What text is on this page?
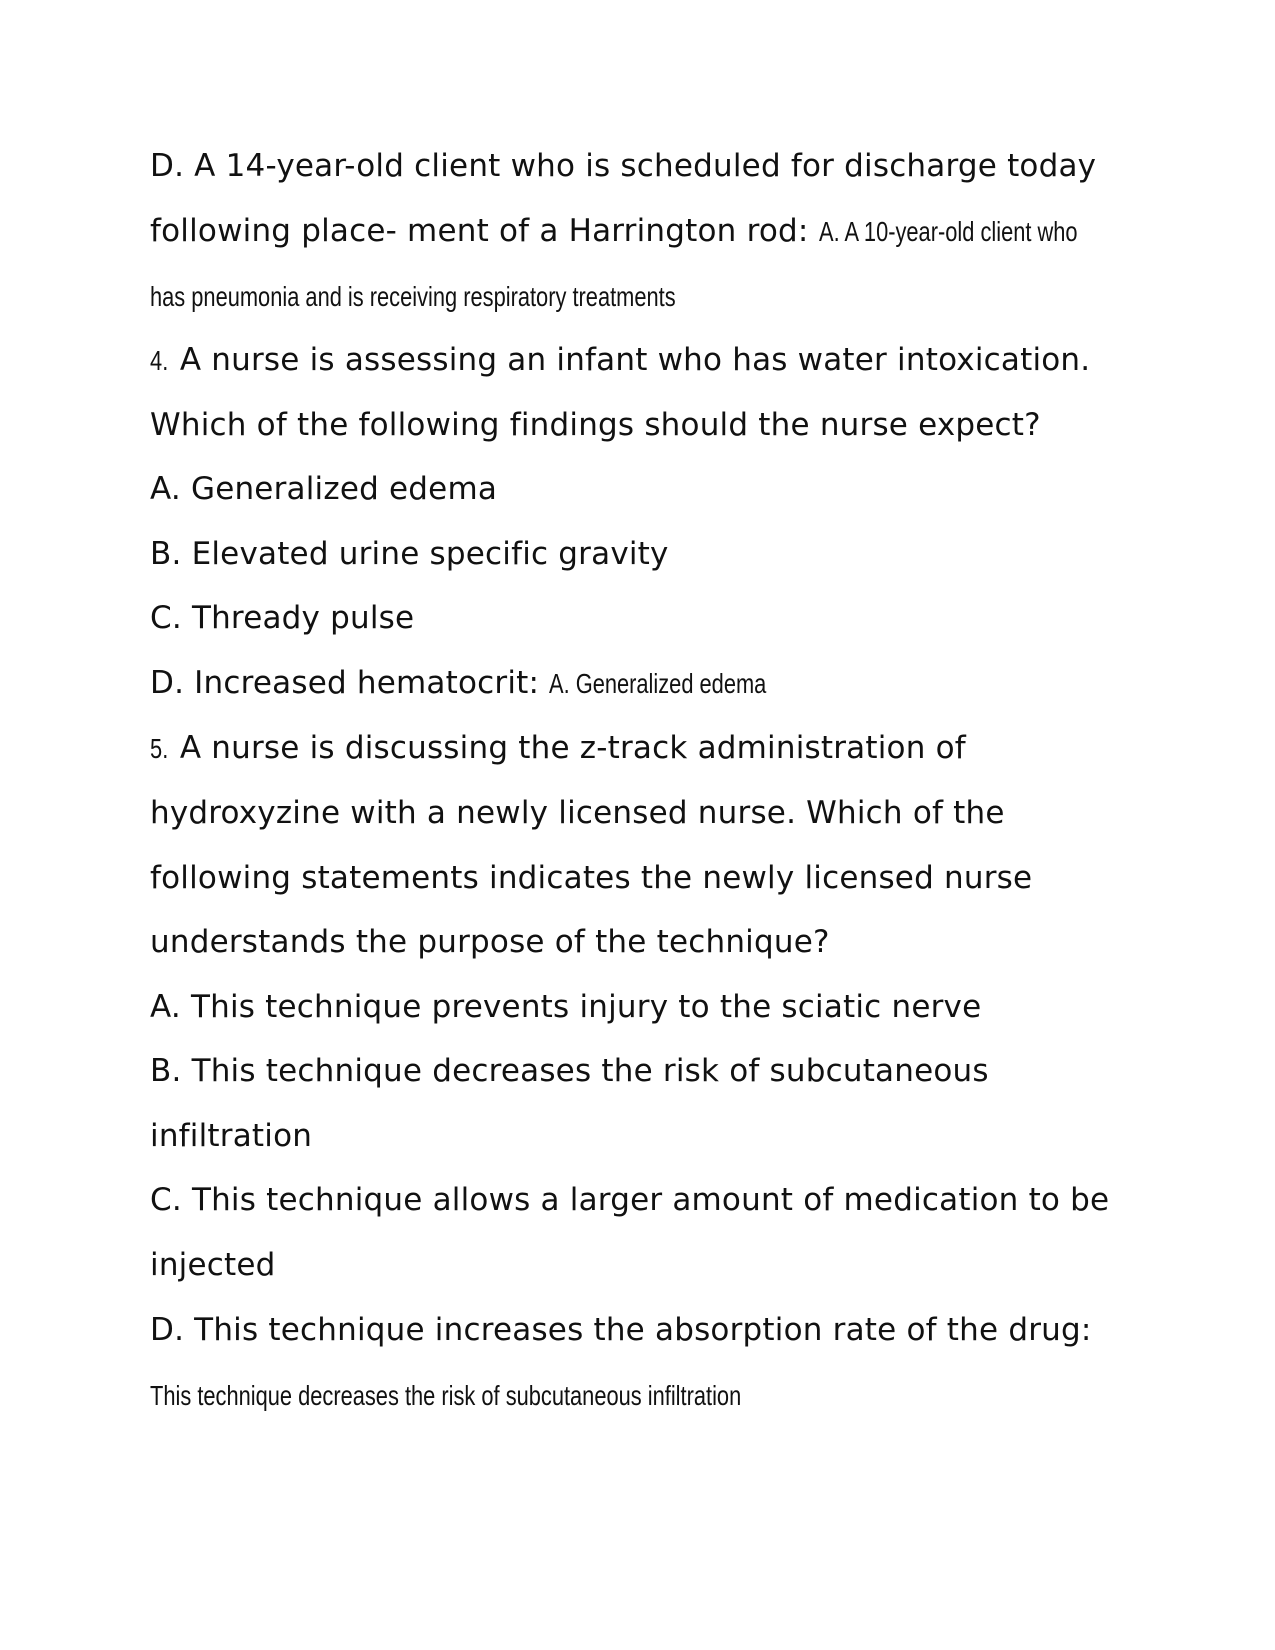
D. A 14-year-old client who is scheduled for discharge today
following place- ment of a Harrington rod: A. A 10-year-old client who
has pneumonia and is receiving respiratory treatments
4. A nurse is assessing an infant who has water intoxication.
Which of the following findings should the nurse expect?
A. Generalized edema
B. Elevated urine specific gravity
C. Thready pulse
D. Increased hematocrit: A. Generalized edema
5. A nurse is discussing the z-track administration of
hydroxyzine with a newly licensed nurse. Which of the
following statements indicates the newly licensed nurse
understands the purpose of the technique?
A. This technique prevents injury to the sciatic nerve
B. This technique decreases the risk of subcutaneous
infiltration
C. This technique allows a larger amount of medication to be
injected
D. This technique increases the absorption rate of the drug:
This technique decreases the risk of subcutaneous infiltration
